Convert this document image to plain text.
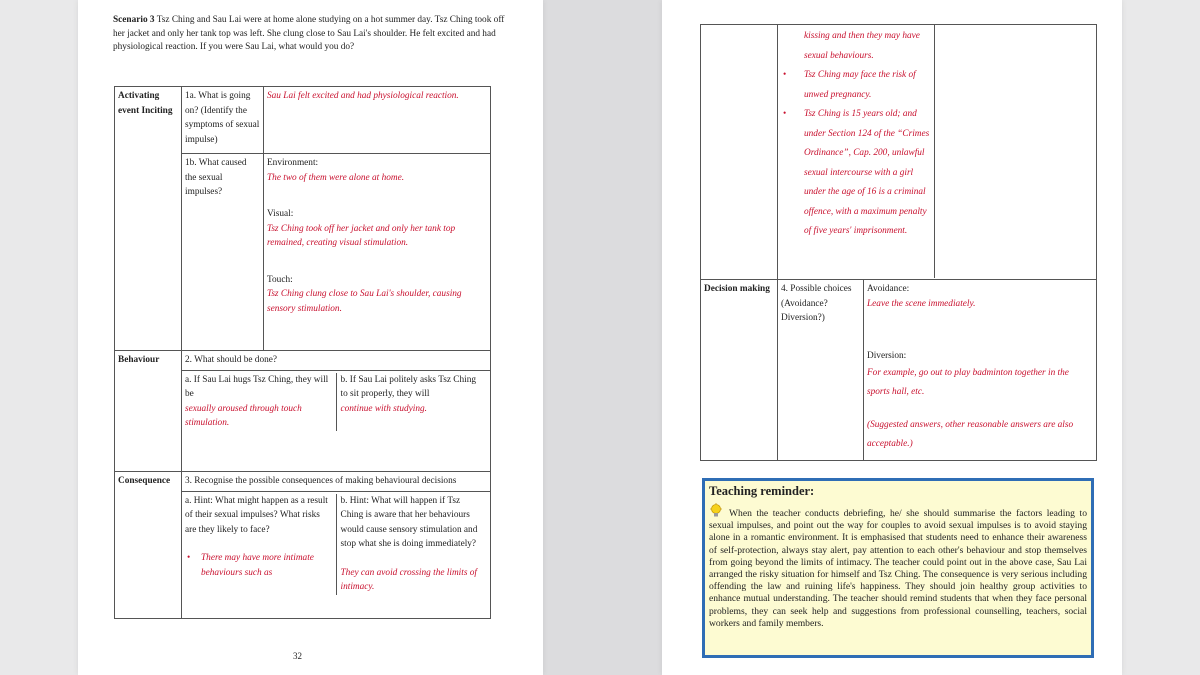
Scenario 3 Tsz Ching and Sau Lai were at home alone studying on a hot summer day. Tsz Ching took off her jacket and only her tank top was left. She clung close to Sau Lai's shoulder. He felt excited and had physiological reaction. If you were Sau Lai, what would you do?
Activating event Inciting	1a. What is going on? (Identify the symptoms of sexual impulse)	Sau Lai felt excited and had physiological reaction.
1b. What caused the sexual impulses?	Environment:
The two of them were alone at home.
Visual:
Tsz Ching took off her jacket and only her tank top remained, creating visual stimulation.
Touch:
Tsz Ching clung close to Sau Lai's shoulder, causing sensory stimulation.
Behaviour	2. What should be done?
a. If Sau Lai hugs Tsz Ching, they will be
sexually aroused through touch stimulation.	b. If Sau Lai politely asks Tsz Ching to sit properly, they will
continue with studying.

Consequence	3. Recognise the possible consequences of making behavioural decisions
a. Hint: What might happen as a result of their sexual impulses? What risks are they likely to face?
• There may have more intimate behaviours such as
	b. Hint: What will happen if Tsz Ching is aware that her behaviours would cause sensory stimulation and stop what she is doing immediately?
They can avoid crossing the limits of intimacy.
32

kissing and then they may have sexual behaviours.
• Tsz Ching may face the risk of unwed pregnancy.
• Tsz Ching is 15 years old; and under Section 124 of the “Crimes Ordinance”, Cap. 200, unlawful sexual intercourse with a girl under the age of 16 is a criminal offence, with a maximum penalty of five years' imprisonment.

Decision making	4. Possible choices (Avoidance? Diversion?)	Avoidance:
Leave the scene immediately.
Diversion:
For example, go out to play badminton together in the sports hall, etc.
(Suggested answers, other reasonable answers are also acceptable.)
Teaching reminder:
When the teacher conducts debriefing, he/ she should summarise the factors leading to sexual impulses, and point out the way for couples to avoid sexual impulses is to avoid staying alone in a romantic environment. It is emphasised that students need to enhance their awareness of self-protection, always stay alert, pay attention to each other's behaviour and stop themselves from going beyond the limits of intimacy. The teacher could point out in the above case, Sau Lai arranged the risky situation for himself and Tsz Ching. The consequence is very serious including offending the law and ruining life's happiness. They should join healthy group activities to enhance mutual understanding. The teacher should remind students that when they face personal problems, they can seek help and suggestions from professional counselling, teachers, social workers and family members.
